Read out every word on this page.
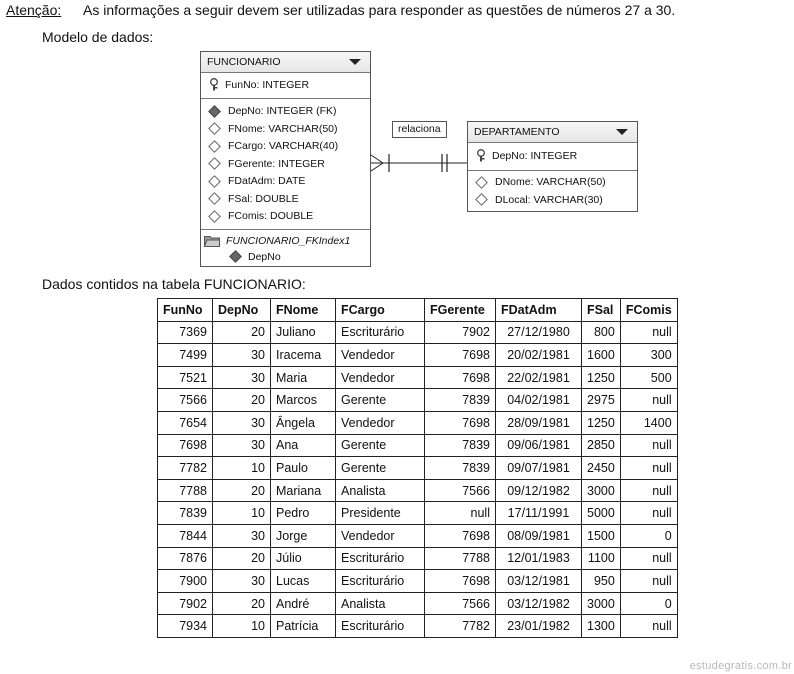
Atenção: As informações a seguir devem ser utilizadas para responder as questões de números 27 a 30.
Modelo de dados:
FUNCIONARIO
FunNo: INTEGER
DepNo: INTEGER (FK)
FNome: VARCHAR(50)
FCargo: VARCHAR(40)
FGerente: INTEGER
FDatAdm: DATE
FSal: DOUBLE
FComis: DOUBLE
FUNCIONARIO_FKIndex1
DepNo
relaciona	DEPARTAMENTO
DepNo: INTEGER
DNome: VARCHAR(50)
DLocal: VARCHAR(30)
Dados contidos na tabela FUNCIONARIO:
FunNo	DepNo	FNome	FCargo	FGerente	FDatAdm	FSal	FComis
7369	20	Juliano	Escriturário	7902	27/12/1980	800	null
7499	30	Iracema	Vendedor	7698	20/02/1981	1600	300
7521	30	Maria	Vendedor	7698	22/02/1981	1250	500
7566	20	Marcos	Gerente	7839	04/02/1981	2975	null
7654	30	Ângela	Vendedor	7698	28/09/1981	1250	1400
7698	30	Ana	Gerente	7839	09/06/1981	2850	null
7782	10	Paulo	Gerente	7839	09/07/1981	2450	null
7788	20	Mariana	Analista	7566	09/12/1982	3000	null
7839	10	Pedro	Presidente	null	17/11/1991	5000	null
7844	30	Jorge	Vendedor	7698	08/09/1981	1500	0
7876	20	Júlio	Escriturário	7788	12/01/1983	1100	null
7900	30	Lucas	Escriturário	7698	03/12/1981	950	null
7902	20	André	Analista	7566	03/12/1982	3000	0
7934	10	Patrícia	Escriturário	7782	23/01/1982	1300	null
estudegratis.com.br
